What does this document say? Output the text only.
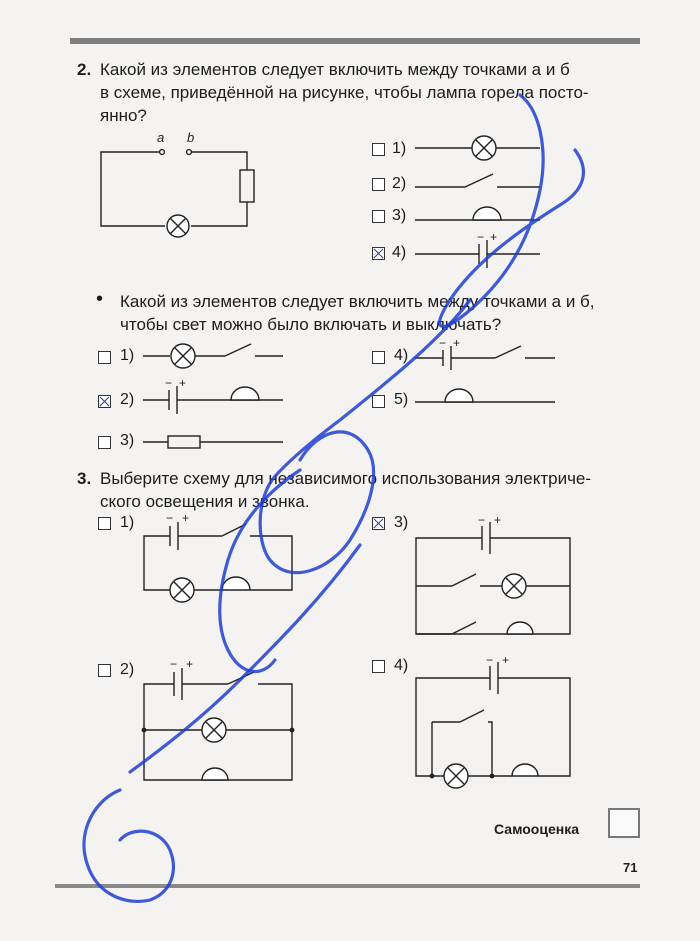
2. Какой из элементов следует включить между точками a и б
в схеме, приведённой на рисунке, чтобы лампа горела посто-
янно?
a b
1)
2)
3)
4)
− +
• Какой из элементов следует включить между точками a и б,
чтобы свет можно было включать и выключать?
1)
2)
− +
3)
4)
− +
5)
3. Выберите схему для независимого использования электриче-
ского освещения и звонка.
1)	− +	3)	− +
2)	− +	4)	− +
Самооценка
71
